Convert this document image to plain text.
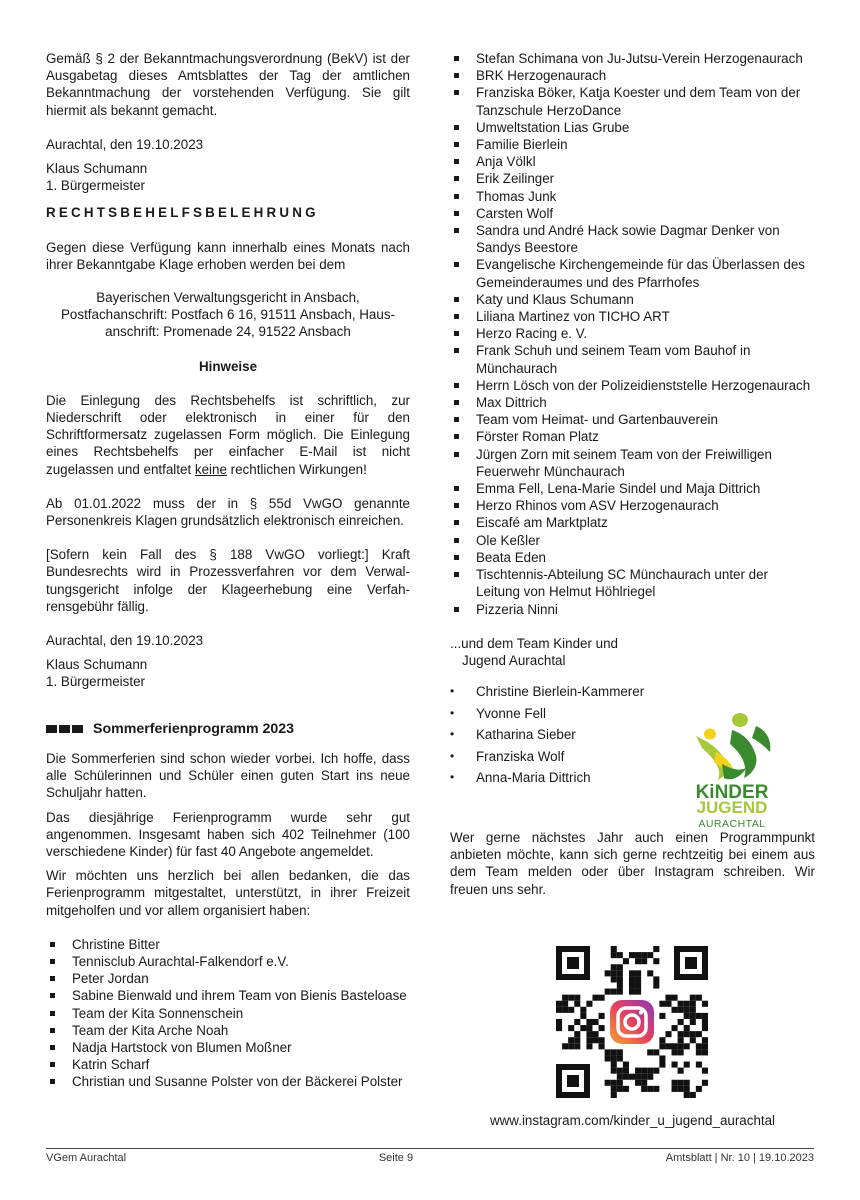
Gemäß § 2 der Bekanntmachungsverordnung (BekV) ist der Ausgabetag dieses Amtsblattes der Tag der amtlichen Bekanntmachung der vorstehenden Verfügung. Sie gilt hiermit als bekannt gemacht.

Aurachtal, den 19.10.2023

Klaus Schumann

1. Bürgermeister

RECHTSBEHELFSBELEHRUNG

Gegen diese Verfügung kann innerhalb eines Monats nach ihrer Bekanntgabe Klage erhoben werden bei dem

Bayerischen Verwaltungsgericht in Ansbach,

Postfachanschrift: Postfach 6 16, 91511 Ansbach, Haus-

anschrift: Promenade 24, 91522 Ansbach

Hinweise

Die Einlegung des Rechtsbehelfs ist schriftlich, zur Niederschrift oder elektronisch in einer für den Schriftformersatz zugelassen Form möglich. Die Einlegung eines Rechtsbehelfs per einfacher E-Mail ist nicht zugelassen und entfaltet keine rechtlichen Wirkungen!

Ab 01.01.2022 muss der in § 55d VwGO genannte Personenkreis Klagen grundsätzlich elektronisch einreichen.

[Sofern kein Fall des § 188 VwGO vorliegt:] Kraft Bundesrechts wird in Prozessverfahren vor dem Verwal-tungsgericht infolge der Klageerhebung eine Verfah-rensgebühr fällig.

Aurachtal, den 19.10.2023

Klaus Schumann

1. Bürgermeister

Sommerferienprogramm 2023

Die Sommerferien sind schon wieder vorbei. Ich hoffe, dass alle Schülerinnen und Schüler einen guten Start ins neue Schuljahr hatten.

Das diesjährige Ferienprogramm wurde sehr gut angenommen. Insgesamt haben sich 402 Teilnehmer (100 verschiedene Kinder) für fast 40 Angebote angemeldet.

Wir möchten uns herzlich bei allen bedanken, die das Ferienprogramm mitgestaltet, unterstützt, in ihrer Freizeit mitgeholfen und vor allem organisiert haben:

Christine Bitter
Tennisclub Aurachtal-Falkendorf e.V.
Peter Jordan
Sabine Bienwald und ihrem Team von Bienis Basteloase
Team der Kita Sonnenschein
Team der Kita Arche Noah
Nadja Hartstock von Blumen Moßner
Katrin Scharf
Christian und Susanne Polster von der Bäckerei Polster
Stefan Schimana von Ju-Jutsu-Verein Herzogenaurach
BRK Herzogenaurach
Franziska Böker, Katja Koester und dem Team von der Tanzschule HerzoDance
Umweltstation Lias Grube
Familie Bierlein
Anja Völkl
Erik Zeilinger
Thomas Junk
Carsten Wolf
Sandra und André Hack sowie Dagmar Denker von Sandys Beestore
Evangelische Kirchengemeinde für das Überlassen des Gemeinderaumes und des Pfarrhofes
Katy und Klaus Schumann
Liliana Martinez von TICHO ART
Herzo Racing e. V.
Frank Schuh und seinem Team vom Bauhof in Münchaurach
Herrn Lösch von der Polizeidienststelle Herzogenaurach
Max Dittrich
Team vom Heimat- und Gartenbauverein
Förster Roman Platz
Jürgen Zorn mit seinem Team von der Freiwilligen Feuerwehr Münchaurach
Emma Fell, Lena-Marie Sindel und Maja Dittrich
Herzo Rhinos vom ASV Herzogenaurach
Eiscafé am Marktplatz
Ole Keßler
Beata Eden
Tischtennis-Abteilung SC Münchaurach unter der Leitung von Helmut Höhlriegel
Pizzeria Ninni

...und dem Team Kinder und

Jugend Aurachtal

• Christine Bierlein-Kammerer
• Yvonne Fell
• Katharina Sieber
• Franziska Wolf
• Anna-Maria Dittrich

Wer gerne nächstes Jahr auch einen Programmpunkt anbieten möchte, kann sich gerne rechtzeitig bei einem aus dem Team melden oder über Instagram schreiben. Wir freuen uns sehr.

KiNDER
JUGEND
AURACHTAL
www.instagram.com/kinder_u_jugend_aurachtal
VGem Aurachtal	Seite 9	Amtsblatt | Nr. 10 | 19.10.2023
